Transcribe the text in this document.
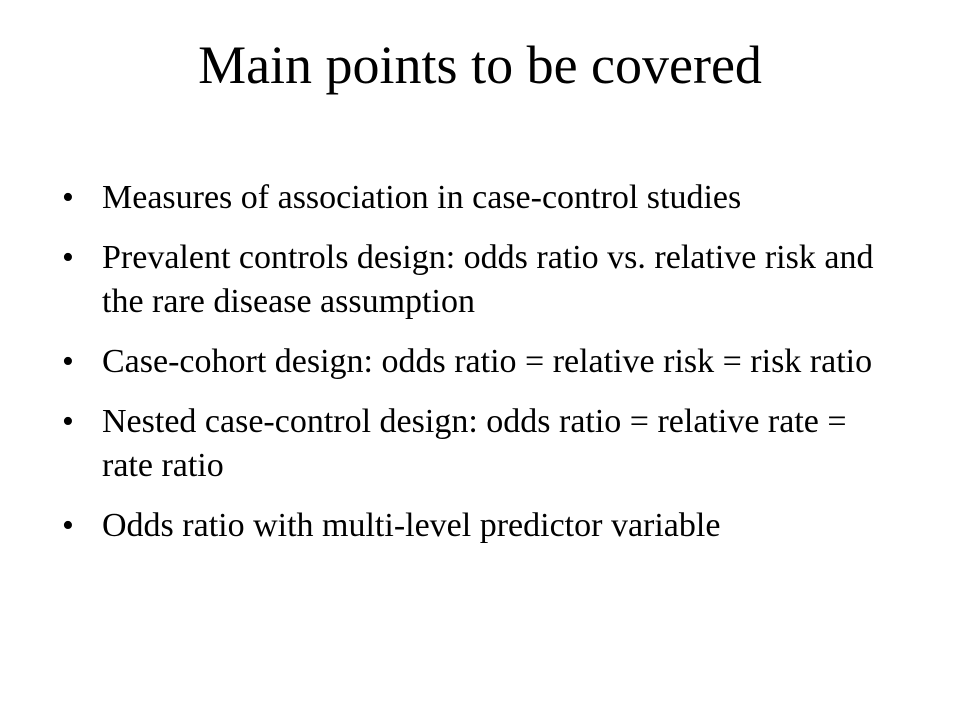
Main points to be covered
• Measures of association in case-control studies
• Prevalent controls design: odds ratio vs. relative risk and the rare disease assumption
• Case-cohort design: odds ratio = relative risk = risk ratio
• Nested case-control design: odds ratio = relative rate = rate ratio
• Odds ratio with multi-level predictor variable
